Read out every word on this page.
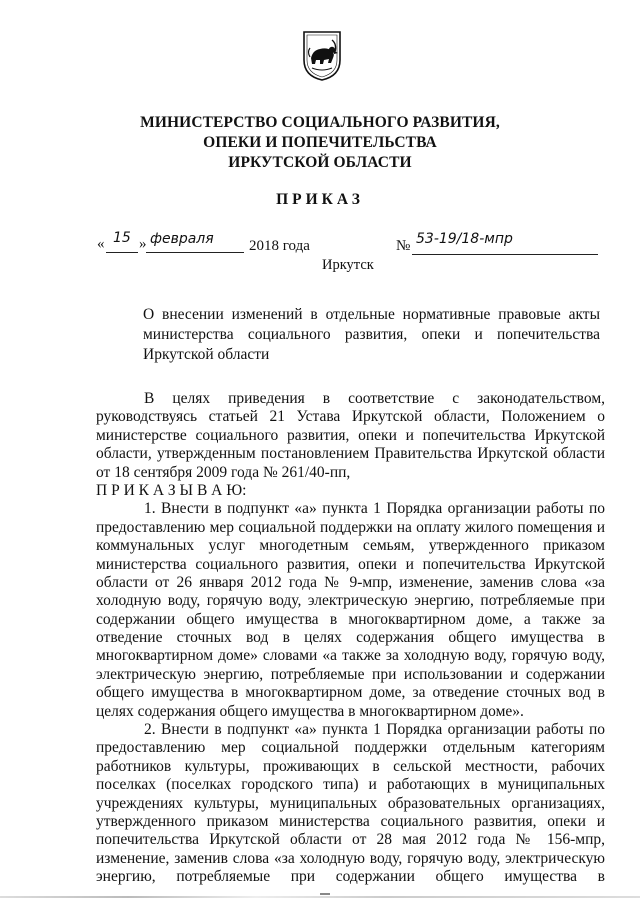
МИНИСТЕРСТВО СОЦИАЛЬНОГО РАЗВИТИЯ,
ОПЕКИ И ПОПЕЧИТЕЛЬСТВА
ИРКУТСКОЙ ОБЛАСТИ
ПРИКАЗ
« 15 » февраля 2018 года	№ 53-19/18-мпр
Иркутск
О внесении изменений в отдельные нормативные правовые акты министерства социального развития, опеки и попечительства Иркутской области
В целях приведения в соответствие с законодательством,
руководствуясь статьей 21 Устава Иркутской области, Положением о
министерстве социального развития, опеки и попечительства Иркутской
области, утвержденным постановлением Правительства Иркутской области
от 18 сентября 2009 года № 261/40-пп,
П Р И К А З Ы В А Ю:
1. Внести в подпункт «а» пункта 1 Порядка организации работы по
предоставлению мер социальной поддержки на оплату жилого помещения и
коммунальных услуг многодетным семьям, утвержденного приказом
министерства социального развития, опеки и попечительства Иркутской
области от 26 января 2012 года № 9-мпр, изменение, заменив слова «за
холодную воду, горячую воду, электрическую энергию, потребляемые при
содержании общего имущества в многоквартирном доме, а также за
отведение сточных вод в целях содержания общего имущества в
многоквартирном доме» словами «а также за холодную воду, горячую воду,
электрическую энергию, потребляемые при использовании и содержании
общего имущества в многоквартирном доме, за отведение сточных вод в
целях содержания общего имущества в многоквартирном доме».
2. Внести в подпункт «а» пункта 1 Порядка организации работы по
предоставлению мер социальной поддержки отдельным категориям
работников культуры, проживающих в сельской местности, рабочих
поселках (поселках городского типа) и работающих в муниципальных
учреждениях культуры, муниципальных образовательных организациях,
утвержденного приказом министерства социального развития, опеки и
попечительства Иркутской области от 28 мая 2012 года № 156-мпр,
изменение, заменив слова «за холодную воду, горячую воду, электрическую
энергию, потребляемые при содержании общего имущества в
